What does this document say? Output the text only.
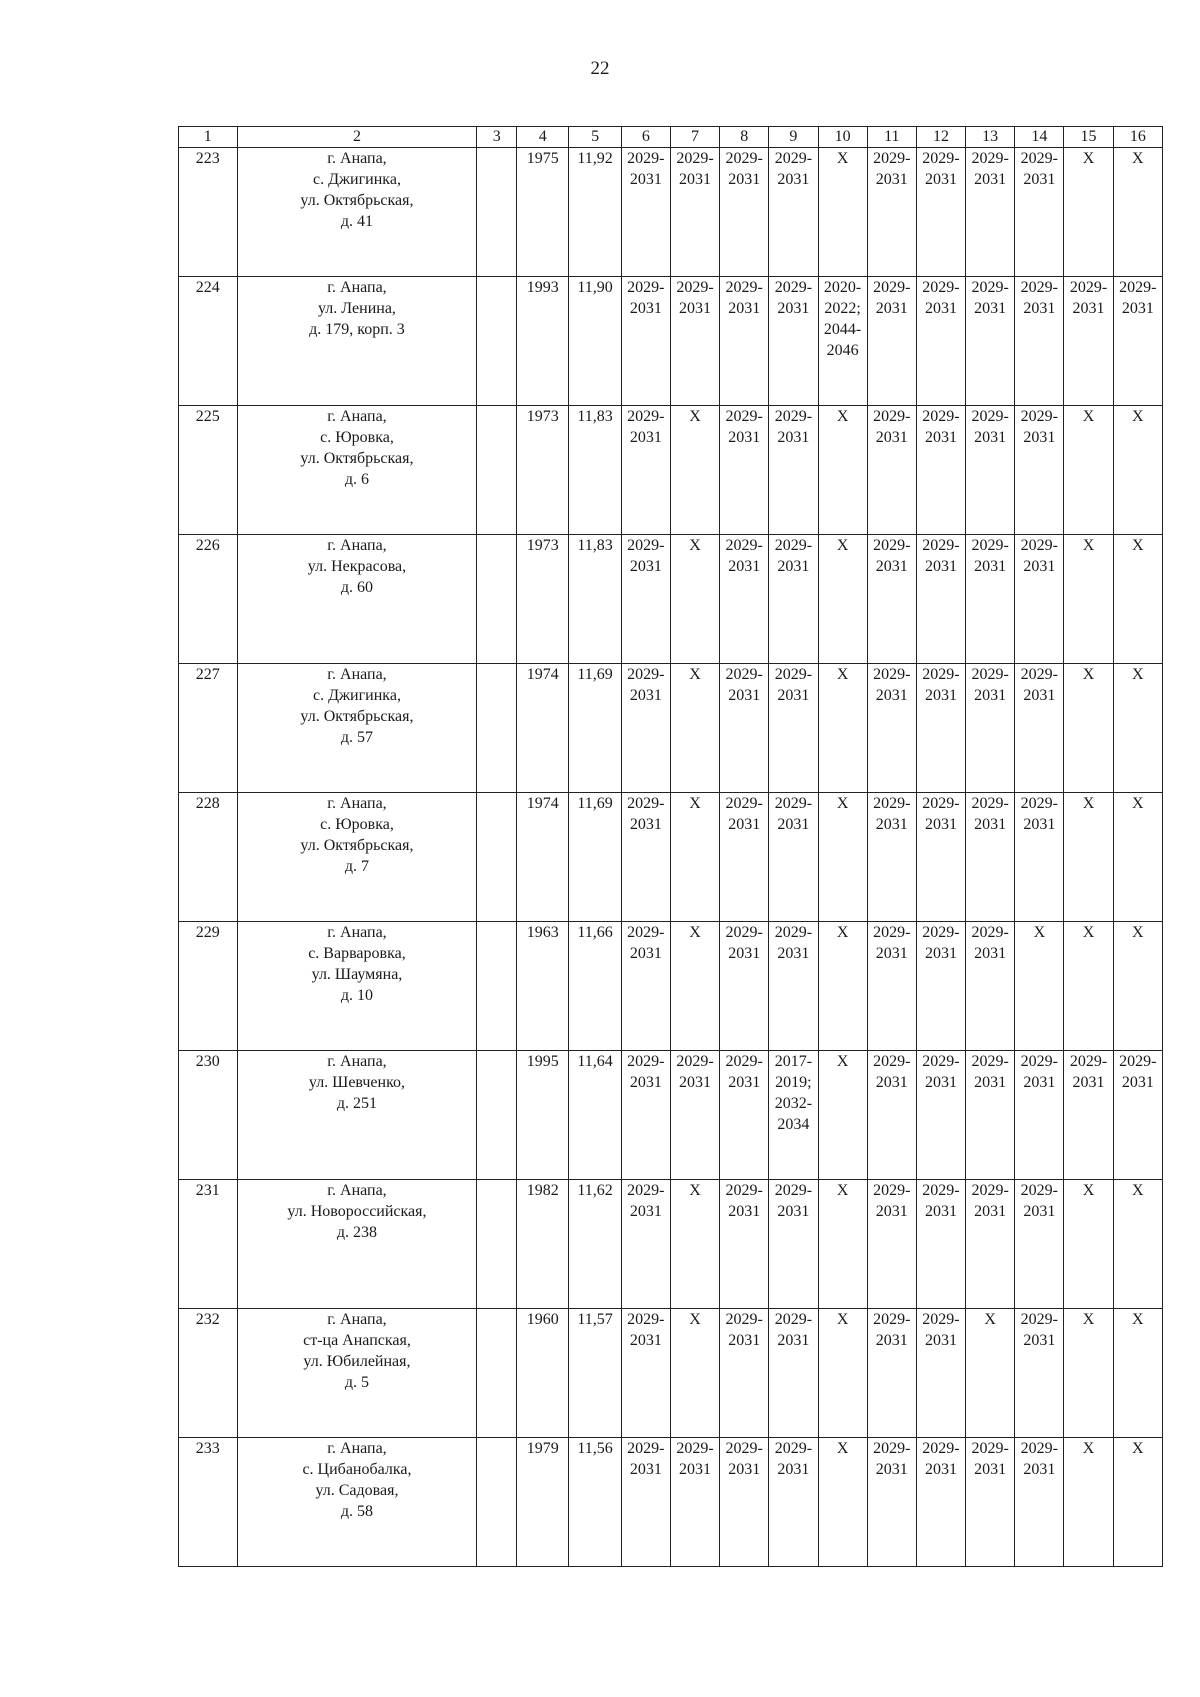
22
1	2	3	4	5	6	7	8	9	10	11	12	13	14	15	16
223	г. Анапа,
с. Джигинка,
ул. Октябрьская,
д. 41		1975	11,92	2029-
2031	2029-
2031	2029-
2031	2029-
2031	X	2029-
2031	2029-
2031	2029-
2031	2029-
2031	X	X

224	г. Анапа,
ул. Ленина,
д. 179, корп. 3		1993	11,90	2029-
2031	2029-
2031	2029-
2031	2029-
2031	2020-
2022;
2044-
2046	2029-
2031	2029-
2031	2029-
2031	2029-
2031	2029-
2031	2029-
2031

225	г. Анапа,
с. Юровка,
ул. Октябрьская,
д. 6		1973	11,83	2029-
2031	X	2029-
2031	2029-
2031	X	2029-
2031	2029-
2031	2029-
2031	2029-
2031	X	X

226	г. Анапа,
ул. Некрасова,
д. 60		1973	11,83	2029-
2031	X	2029-
2031	2029-
2031	X	2029-
2031	2029-
2031	2029-
2031	2029-
2031	X	X

227	г. Анапа,
с. Джигинка,
ул. Октябрьская,
д. 57		1974	11,69	2029-
2031	X	2029-
2031	2029-
2031	X	2029-
2031	2029-
2031	2029-
2031	2029-
2031	X	X

228	г. Анапа,
с. Юровка,
ул. Октябрьская,
д. 7		1974	11,69	2029-
2031	X	2029-
2031	2029-
2031	X	2029-
2031	2029-
2031	2029-
2031	2029-
2031	X	X

229	г. Анапа,
с. Варваровка,
ул. Шаумяна,
д. 10		1963	11,66	2029-
2031	X	2029-
2031	2029-
2031	X	2029-
2031	2029-
2031	2029-
2031	X	X	X

230	г. Анапа,
ул. Шевченко,
д. 251		1995	11,64	2029-
2031	2029-
2031	2029-
2031	2017-
2019;
2032-
2034	X	2029-
2031	2029-
2031	2029-
2031	2029-
2031	2029-
2031	2029-
2031

231	г. Анапа,
ул. Новороссийская,
д. 238		1982	11,62	2029-
2031	X	2029-
2031	2029-
2031	X	2029-
2031	2029-
2031	2029-
2031	2029-
2031	X	X

232	г. Анапа,
ст-ца Анапская,
ул. Юбилейная,
д. 5		1960	11,57	2029-
2031	X	2029-
2031	2029-
2031	X	2029-
2031	2029-
2031	X	2029-
2031	X	X

233	г. Анапа,
с. Цибанобалка,
ул. Садовая,
д. 58		1979	11,56	2029-
2031	2029-
2031	2029-
2031	2029-
2031	X	2029-
2031	2029-
2031	2029-
2031	2029-
2031	X	X
